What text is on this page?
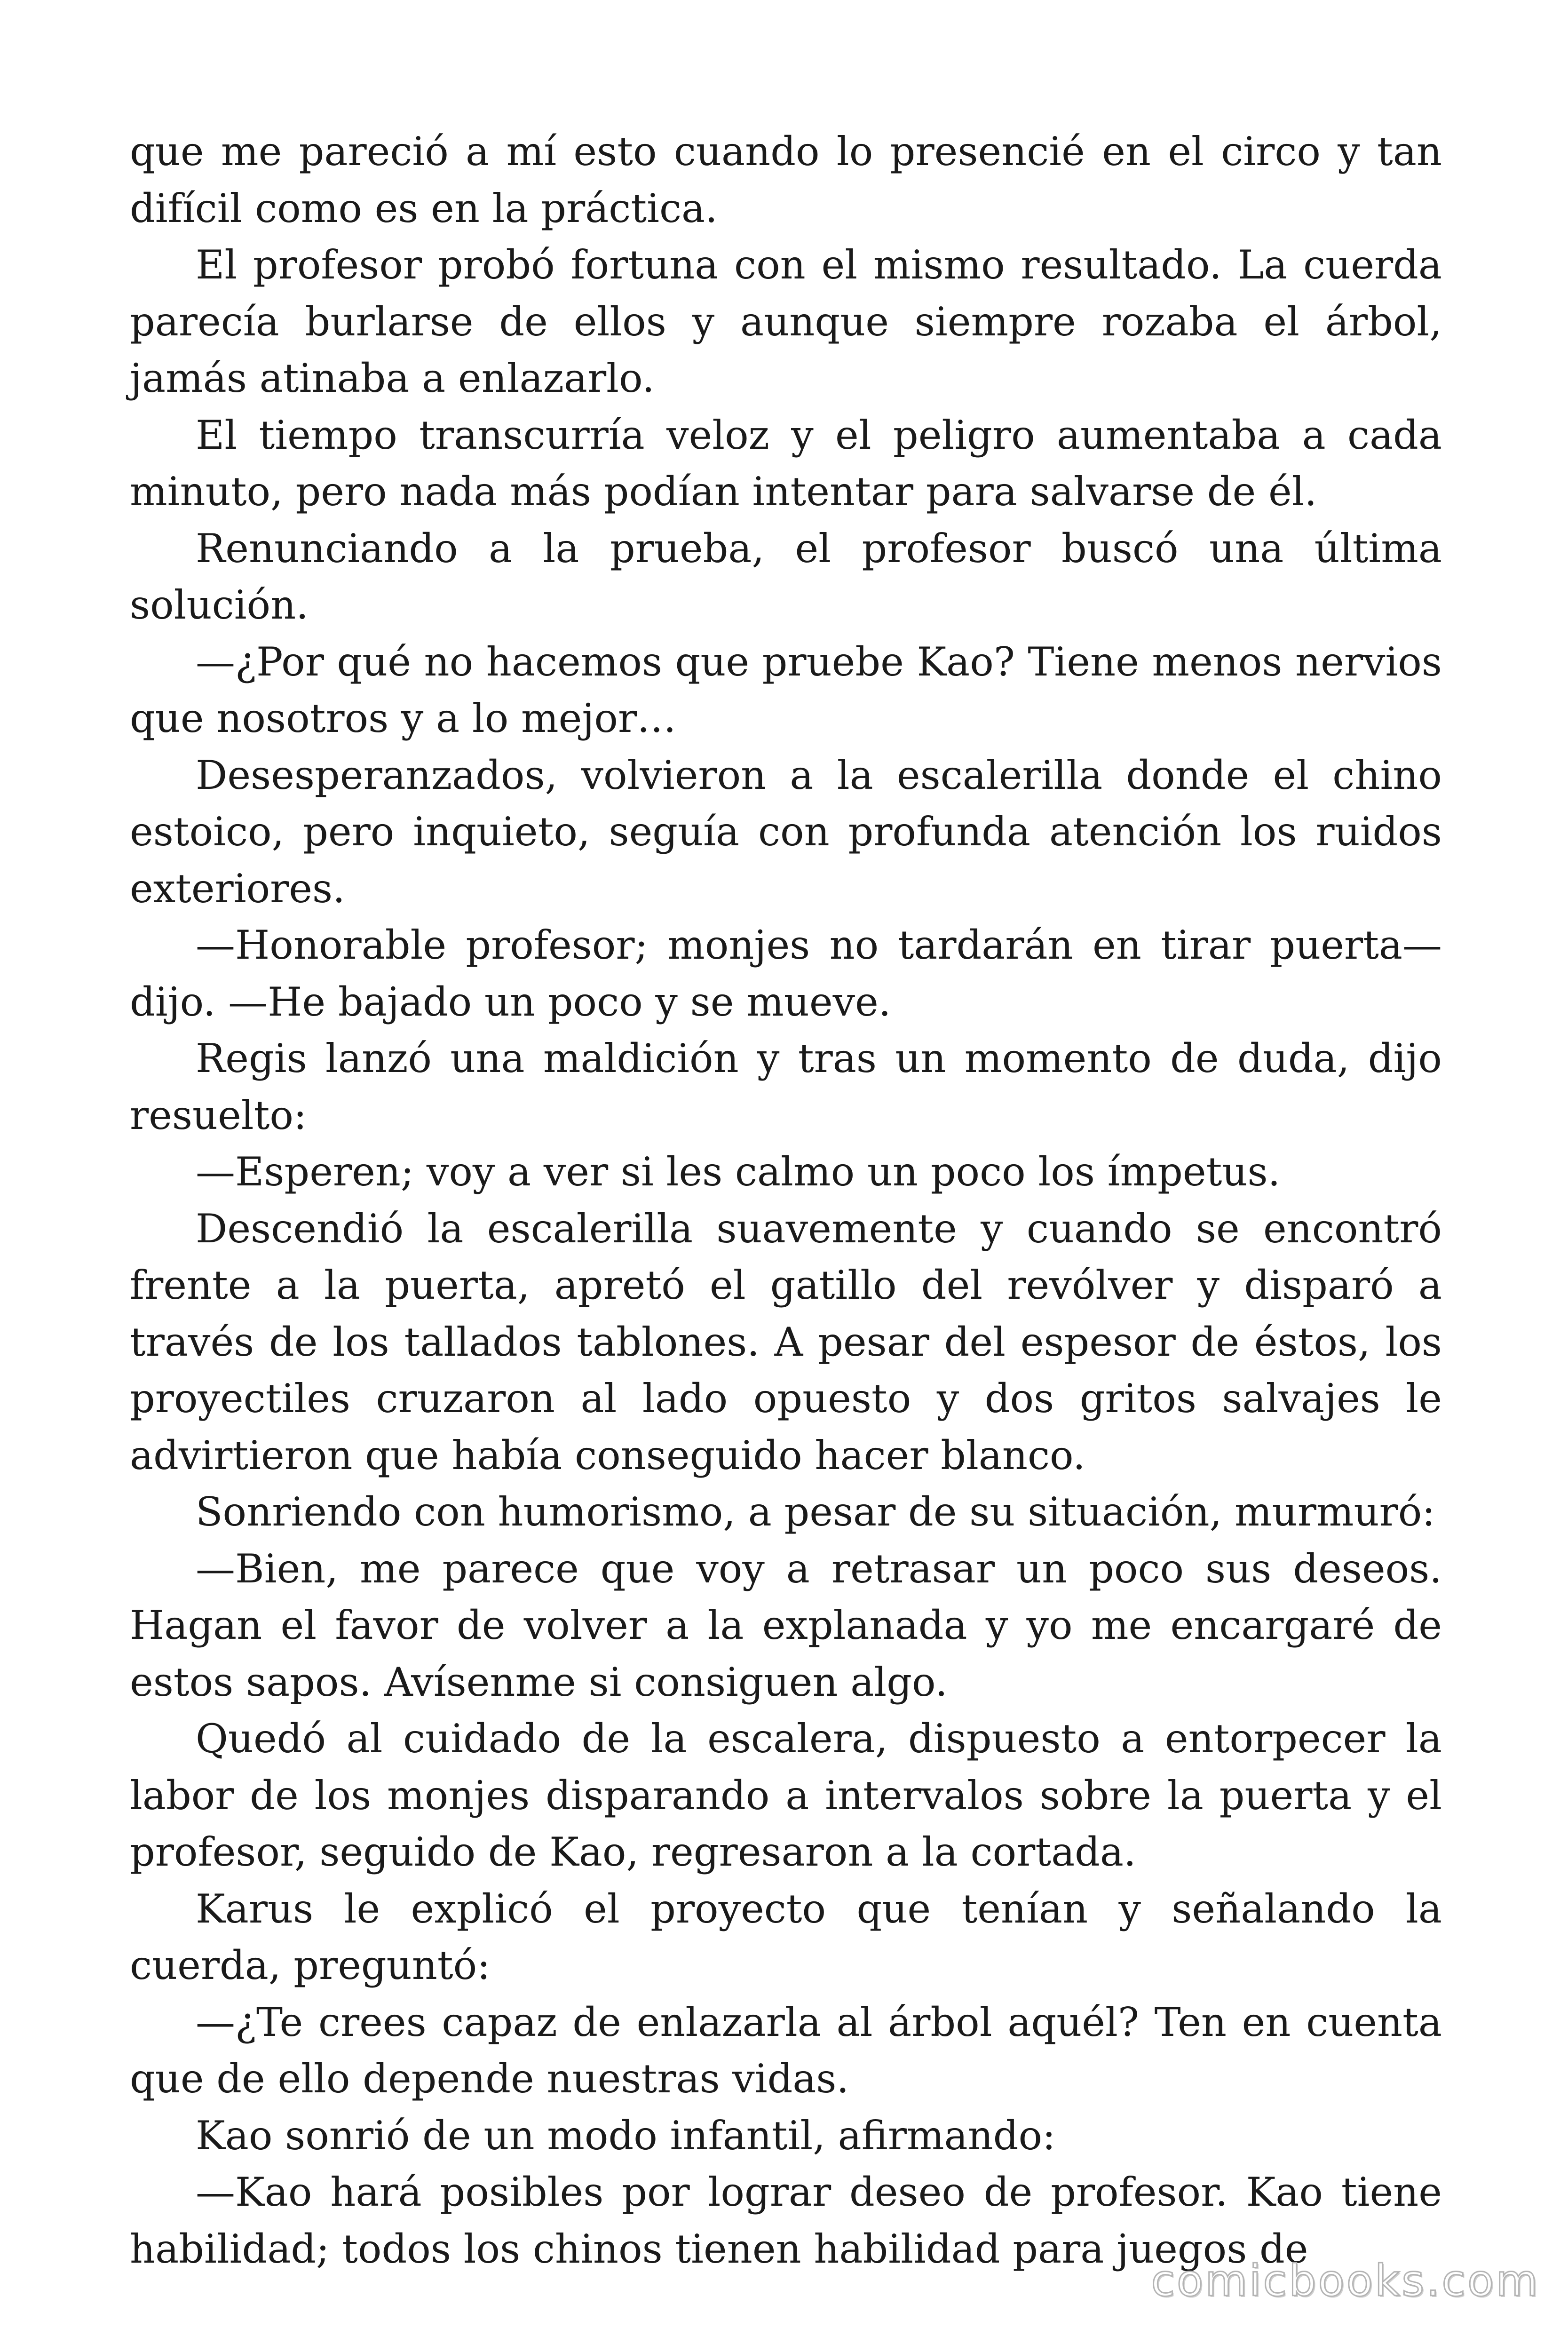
que me pareció a mí esto cuando lo presencié en el circo y tan difícil como es en la práctica.

El profesor probó fortuna con el mismo resultado. La cuerda parecía burlarse de ellos y aunque siempre rozaba el árbol, jamás atinaba a enlazarlo.

El tiempo transcurría veloz y el peligro aumentaba a cada minuto, pero nada más podían intentar para salvarse de él.

Renunciando a la prueba, el profesor buscó una última solución.

—¿Por qué no hacemos que pruebe Kao? Tiene menos nervios que nosotros y a lo mejor…

Desesperanzados, volvieron a la escalerilla donde el chino estoico, pero inquieto, seguía con profunda atención los ruidos exteriores.

—Honorable profesor; monjes no tardarán en tirar puerta— dijo. —He bajado un poco y se mueve.

Regis lanzó una maldición y tras un momento de duda, dijo resuelto:

—Esperen; voy a ver si les calmo un poco los ímpetus.

Descendió la escalerilla suavemente y cuando se encontró frente a la puerta, apretó el gatillo del revólver y disparó a través de los tallados tablones. A pesar del espesor de éstos, los proyectiles cruzaron al lado opuesto y dos gritos salvajes le advirtieron que había conseguido hacer blanco.

Sonriendo con humorismo, a pesar de su situación, murmuró:

—Bien, me parece que voy a retrasar un poco sus deseos. Hagan el favor de volver a la explanada y yo me encargaré de estos sapos. Avísenme si consiguen algo.

Quedó al cuidado de la escalera, dispuesto a entorpecer la labor de los monjes disparando a intervalos sobre la puerta y el profesor, seguido de Kao, regresaron a la cortada.

Karus le explicó el proyecto que tenían y señalando la cuerda, preguntó:

—¿Te crees capaz de enlazarla al árbol aquél? Ten en cuenta que de ello depende nuestras vidas.

Kao sonrió de un modo infantil, afirmando:

—Kao hará posibles por lograr deseo de profesor. Kao tiene habilidad; todos los chinos tienen habilidad para juegos de

comicbooks.com
